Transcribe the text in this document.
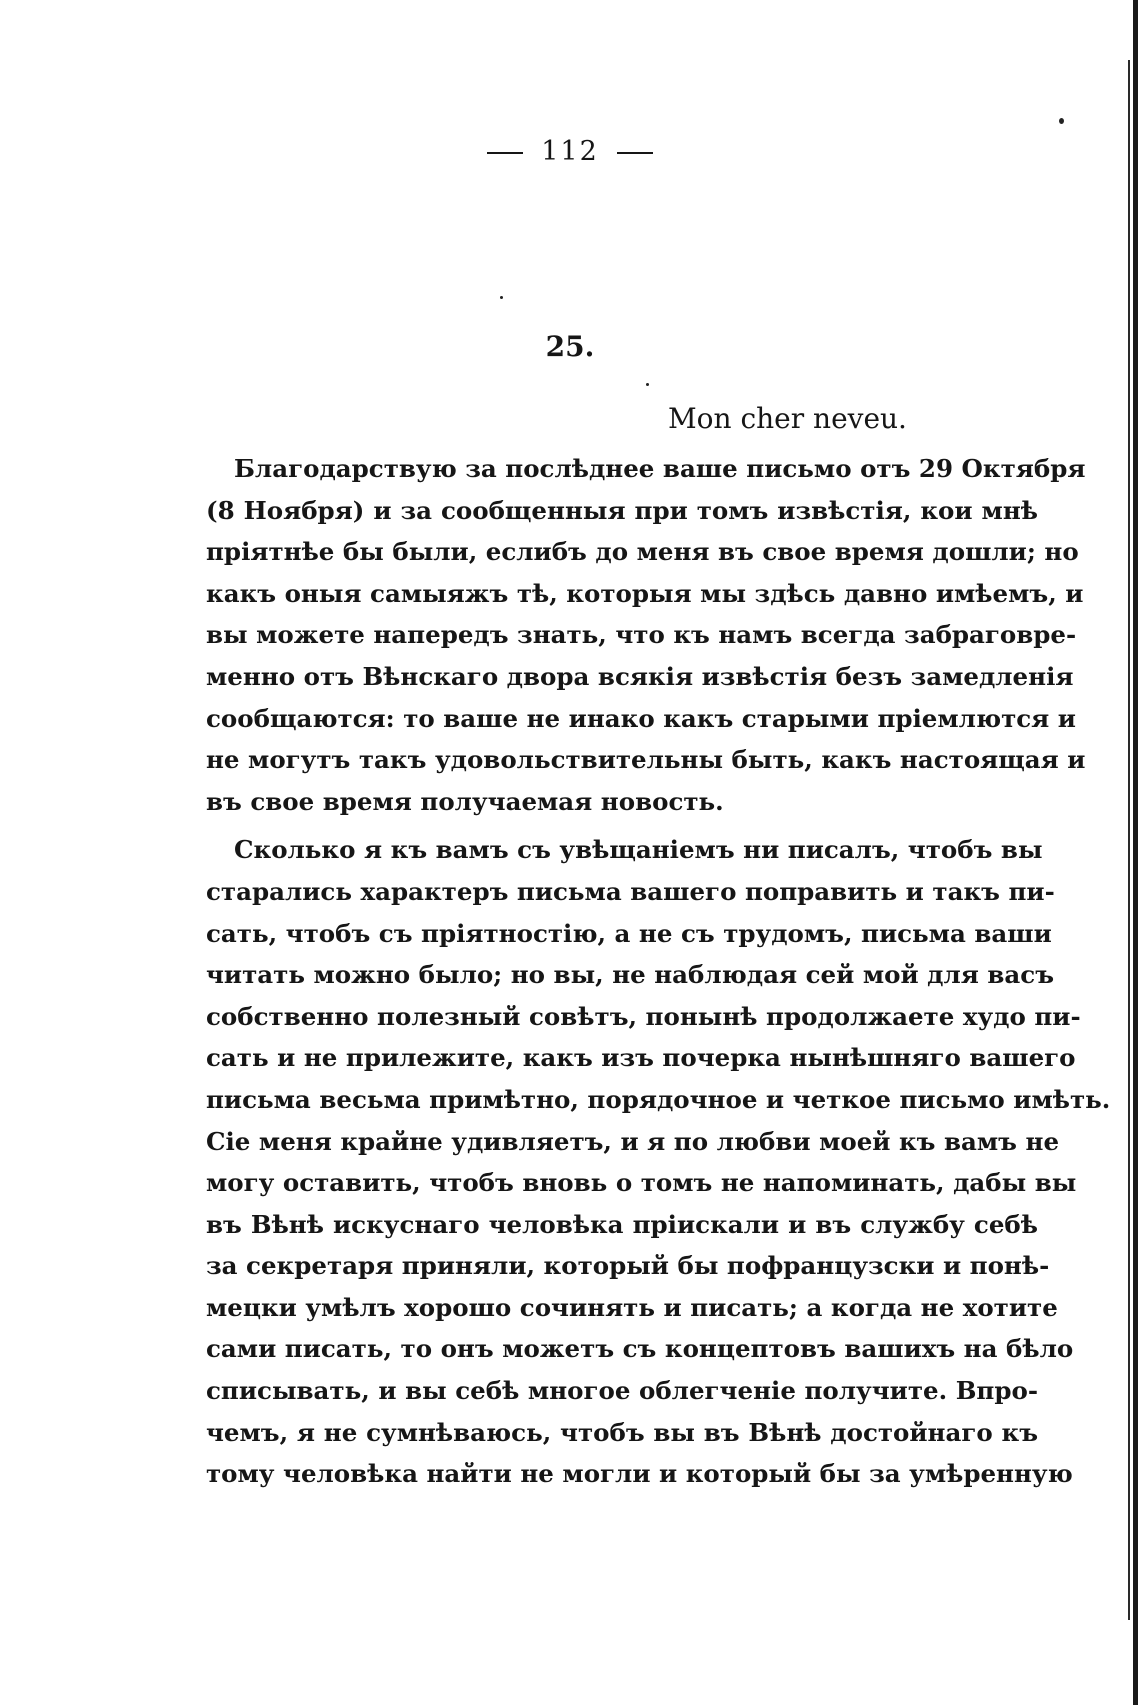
112
25.
Mon cher neveu.
Благодарствую за послѣднее ваше письмо отъ 29 Октября
(8 Ноября) и за сообщенныя при томъ извѣстія, кои мнѣ
пріятнѣе бы были, еслибъ до меня въ свое время дошли; но
какъ оныя самыяжъ тѣ, которыя мы здѣсь давно имѣемъ, и
вы можете напередъ знать, что къ намъ всегда забраговре-
менно отъ Вѣнскаго двора всякія извѣстія безъ замедленія
сообщаются: то ваше не инако какъ старыми пріемлются и
не могутъ такъ удовольствительны быть, какъ настоящая и
въ свое время получаемая новость.
Сколько я къ вамъ съ увѣщаніемъ ни писалъ, чтобъ вы
старались характеръ письма вашего поправить и такъ пи-
сать, чтобъ съ пріятностію, а не съ трудомъ, письма ваши
читать можно было; но вы, не наблюдая сей мой для васъ
собственно полезный совѣтъ, понынѣ продолжаете худо пи-
сать и не прилежите, какъ изъ почерка нынѣшняго вашего
письма весьма примѣтно, порядочное и четкое письмо имѣть.
Сіе меня крайне удивляетъ, и я по любви моей къ вамъ не
могу оставить, чтобъ вновь о томъ не напоминать, дабы вы
въ Вѣнѣ искуснаго человѣка пріискали и въ службу себѣ
за секретаря приняли, который бы пофранцузски и понѣ-
мецки умѣлъ хорошо сочинять и писать; а когда не хотите
сами писать, то онъ можетъ съ концептовъ вашихъ на бѣло
списывать, и вы себѣ многое облегченіе получите. Впро-
чемъ, я не сумнѣваюсь, чтобъ вы въ Вѣнѣ достойнаго къ
тому человѣка найти не могли и который бы за умѣренную
